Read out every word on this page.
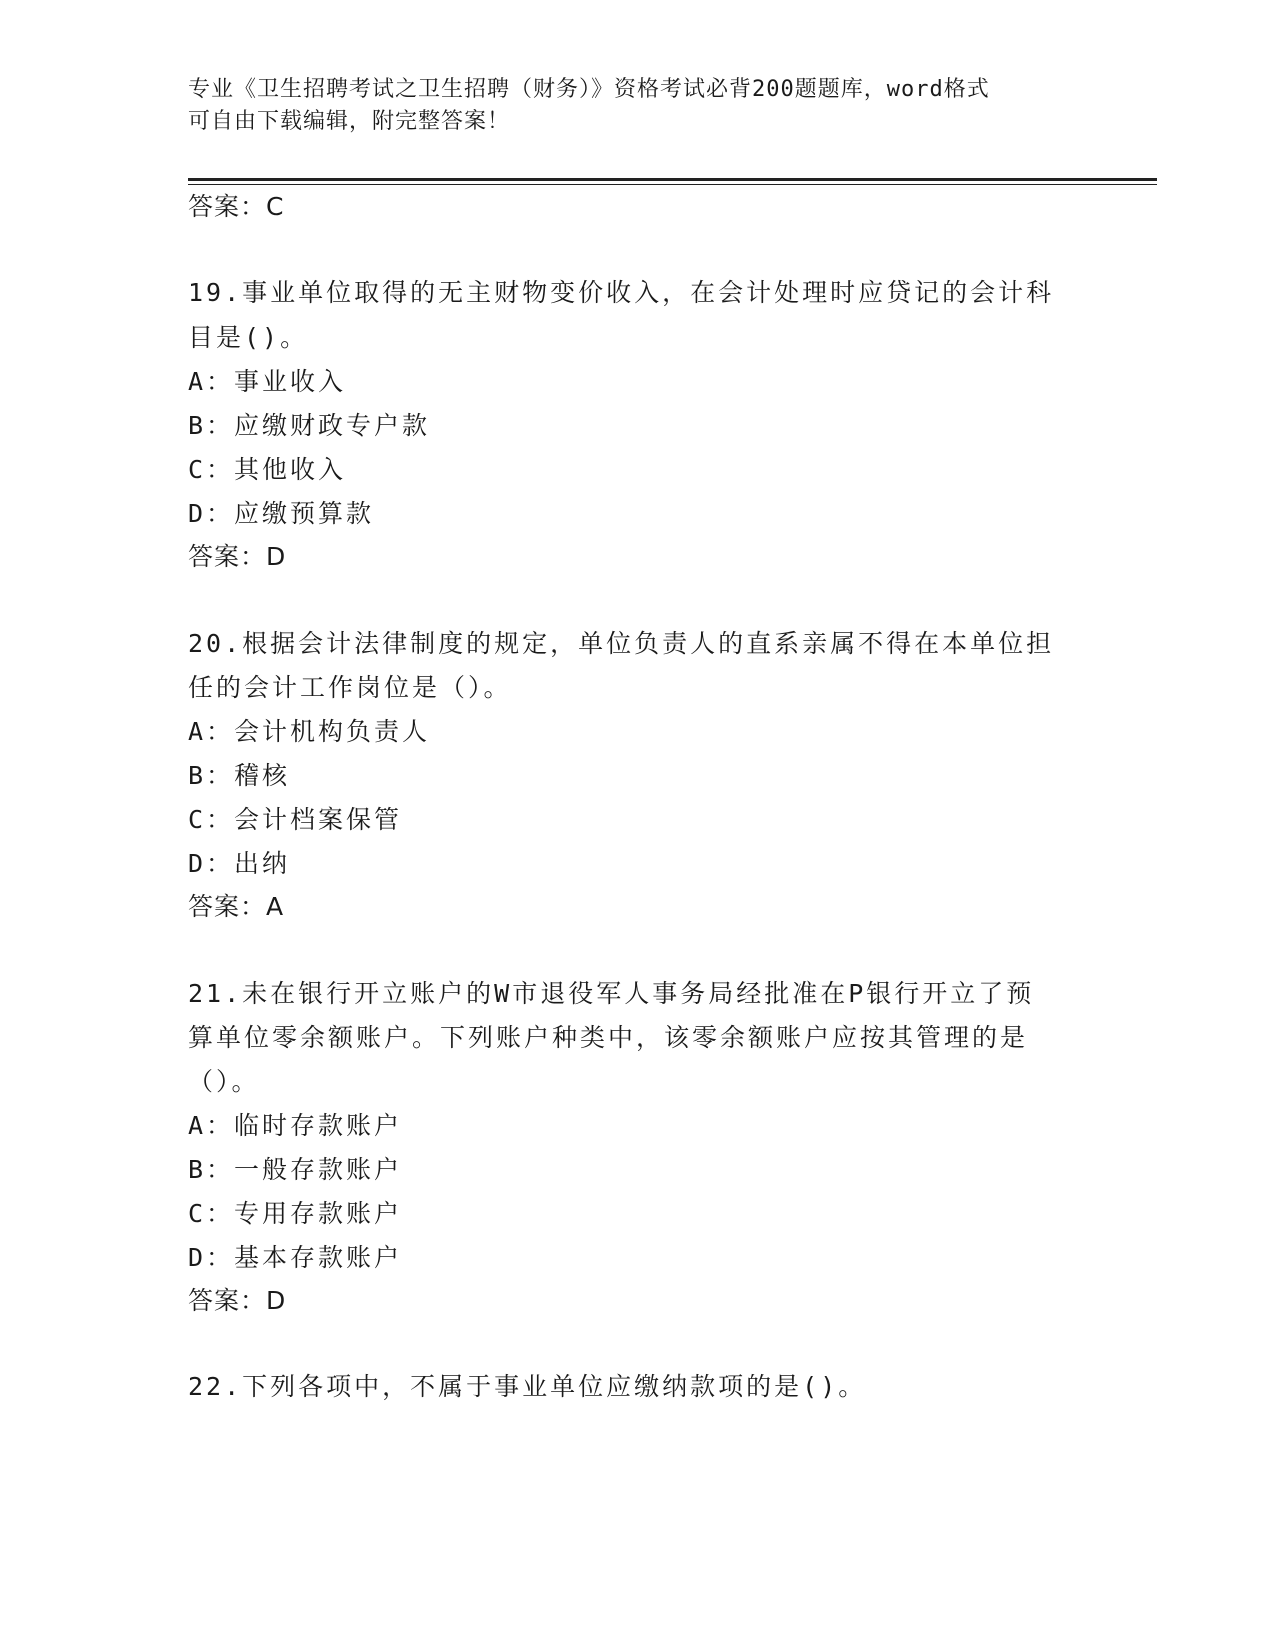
专业《卫生招聘考试之卫生招聘（财务）》资格考试必背200题题库，word格式
可自由下载编辑，附完整答案！
答案：C
19.事业单位取得的无主财物变价收入，在会计处理时应贷记的会计科
目是()。
A：事业收入
B：应缴财政专户款
C：其他收入
D：应缴预算款
答案：D
20.根据会计法律制度的规定，单位负责人的直系亲属不得在本单位担
任的会计工作岗位是（）。
A：会计机构负责人
B：稽核
C：会计档案保管
D：出纳
答案：A
21.未在银行开立账户的W市退役军人事务局经批准在P银行开立了预
算单位零余额账户。下列账户种类中，该零余额账户应按其管理的是
（）。
A：临时存款账户
B：一般存款账户
C：专用存款账户
D：基本存款账户
答案：D
22.下列各项中，不属于事业单位应缴纳款项的是()。
